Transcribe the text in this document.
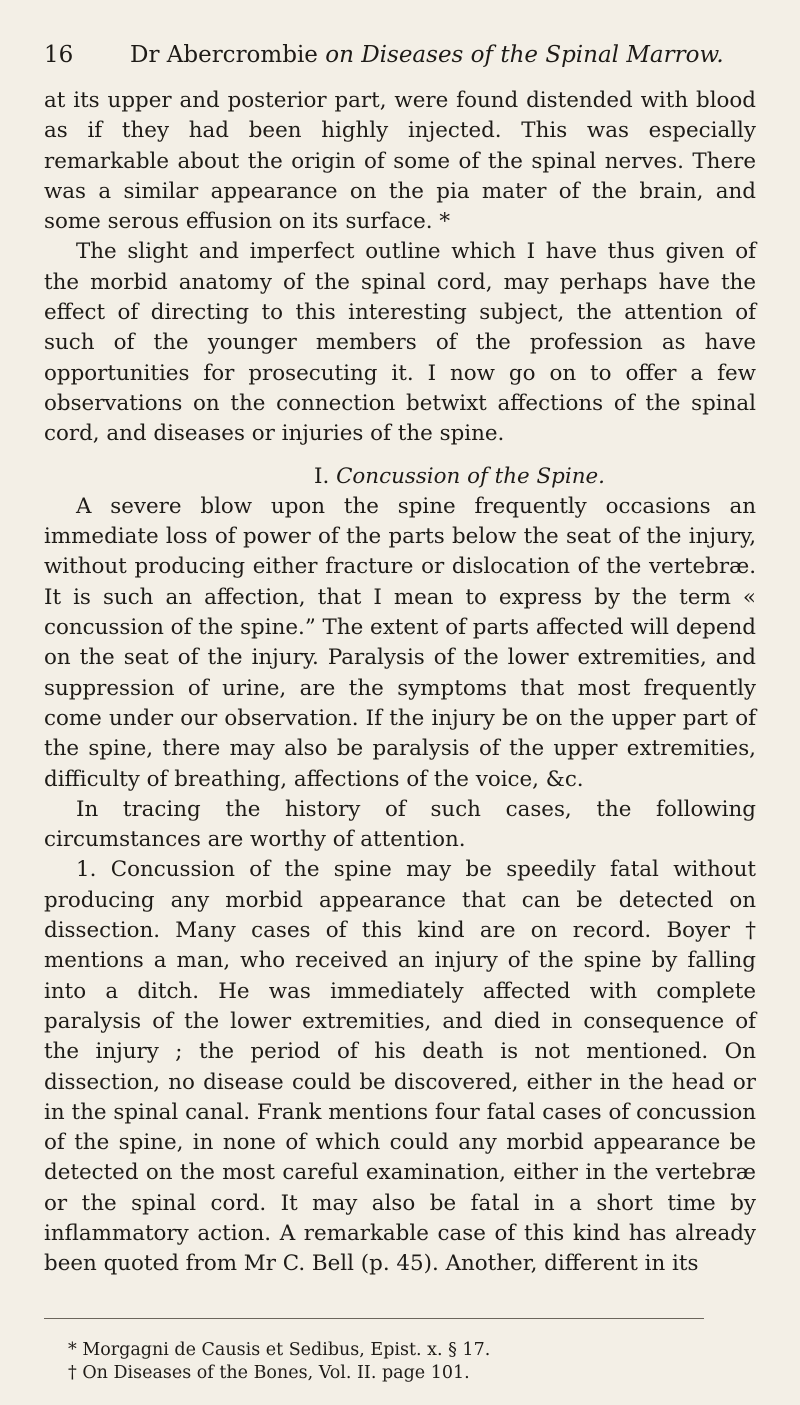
16 Dr Abercrombie on Diseases of the Spinal Marrow.

at its upper and posterior part, were found distended with blood as if they had been highly injected. This was especially remarkable about the origin of some of the spinal nerves. There was a similar appearance on the pia mater of the brain, and some serous effusion on its surface. *

The slight and imperfect outline which I have thus given of the morbid anatomy of the spinal cord, may perhaps have the effect of directing to this interesting subject, the attention of such of the younger members of the profession as have opportunities for prosecuting it. I now go on to offer a few observations on the connection betwixt affections of the spinal cord, and diseases or injuries of the spine.

I. Concussion of the Spine.

A severe blow upon the spine frequently occasions an immediate loss of power of the parts below the seat of the injury, without producing either fracture or dislocation of the vertebræ. It is such an affection, that I mean to express by the term « concussion of the spine.” The extent of parts affected will depend on the seat of the injury. Paralysis of the lower extremities, and suppression of urine, are the symptoms that most frequently come under our observation. If the injury be on the upper part of the spine, there may also be paralysis of the upper extremities, difficulty of breathing, affections of the voice, &c.

In tracing the history of such cases, the following circumstances are worthy of attention.

1. Concussion of the spine may be speedily fatal without producing any morbid appearance that can be detected on dissection. Many cases of this kind are on record. Boyer † mentions a man, who received an injury of the spine by falling into a ditch. He was immediately affected with complete paralysis of the lower extremities, and died in consequence of the injury ; the period of his death is not mentioned. On dissection, no disease could be discovered, either in the head or in the spinal canal. Frank mentions four fatal cases of concussion of the spine, in none of which could any morbid appearance be detected on the most careful examination, either in the vertebræ or the spinal cord. It may also be fatal in a short time by inflammatory action. A remarkable case of this kind has already been quoted from Mr C. Bell (p. 45). Another, different in its

* Morgagni de Causis et Sedibus, Epist. x. § 17.

† On Diseases of the Bones, Vol. II. page 101.
